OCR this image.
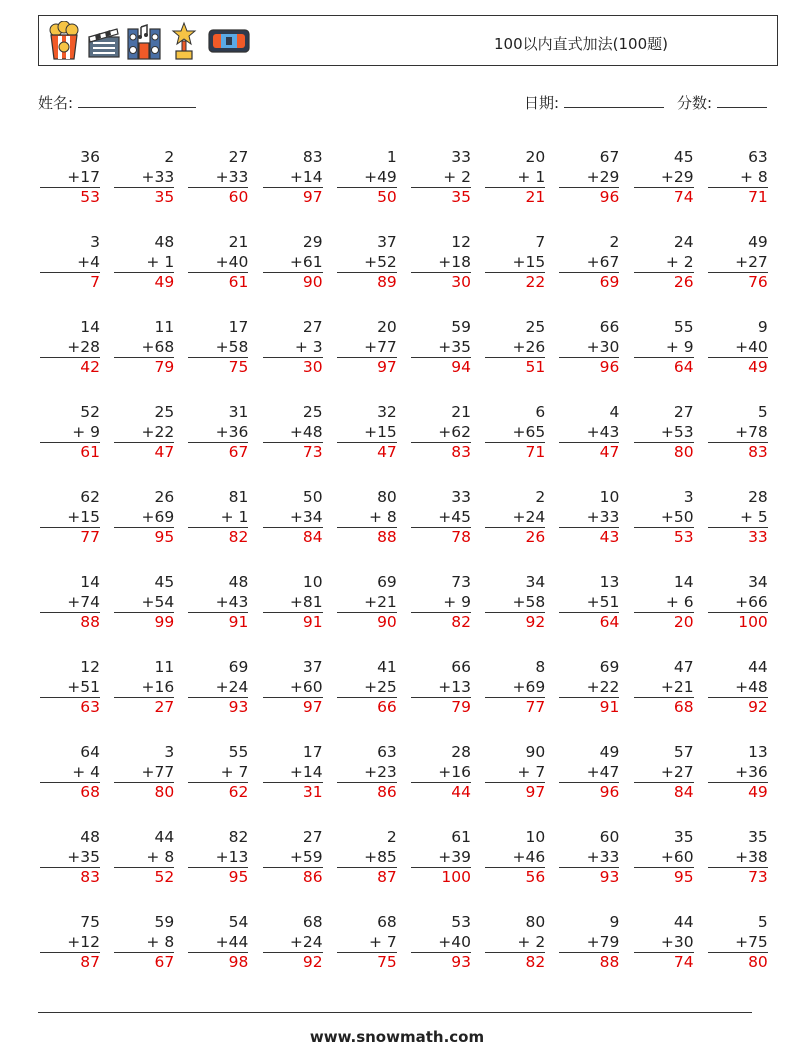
100以内直式加法(100题)
姓名:	日期:	分数:
36
+17
53
2
+33
35
27
+33
60
83
+14
97
1
+49
50
33
+ 2
35
20
+ 1
21
67
+29
96
45
+29
74
63
+ 8
71
3
+4
7
48
+ 1
49
21
+40
61
29
+61
90
37
+52
89
12
+18
30
7
+15
22
2
+67
69
24
+ 2
26
49
+27
76
14
+28
42
11
+68
79
17
+58
75
27
+ 3
30
20
+77
97
59
+35
94
25
+26
51
66
+30
96
55
+ 9
64
9
+40
49
52
+ 9
61
25
+22
47
31
+36
67
25
+48
73
32
+15
47
21
+62
83
6
+65
71
4
+43
47
27
+53
80
5
+78
83
62
+15
77
26
+69
95
81
+ 1
82
50
+34
84
80
+ 8
88
33
+45
78
2
+24
26
10
+33
43
3
+50
53
28
+ 5
33
14
+74
88
45
+54
99
48
+43
91
10
+81
91
69
+21
90
73
+ 9
82
34
+58
92
13
+51
64
14
+ 6
20
34
+66
100
12
+51
63
11
+16
27
69
+24
93
37
+60
97
41
+25
66
66
+13
79
8
+69
77
69
+22
91
47
+21
68
44
+48
92
64
+ 4
68
3
+77
80
55
+ 7
62
17
+14
31
63
+23
86
28
+16
44
90
+ 7
97
49
+47
96
57
+27
84
13
+36
49
48
+35
83
44
+ 8
52
82
+13
95
27
+59
86
2
+85
87
61
+39
100
10
+46
56
60
+33
93
35
+60
95
35
+38
73
75
+12
87
59
+ 8
67
54
+44
98
68
+24
92
68
+ 7
75
53
+40
93
80
+ 2
82
9
+79
88
44
+30
74
5
+75
80
www.snowmath.com
